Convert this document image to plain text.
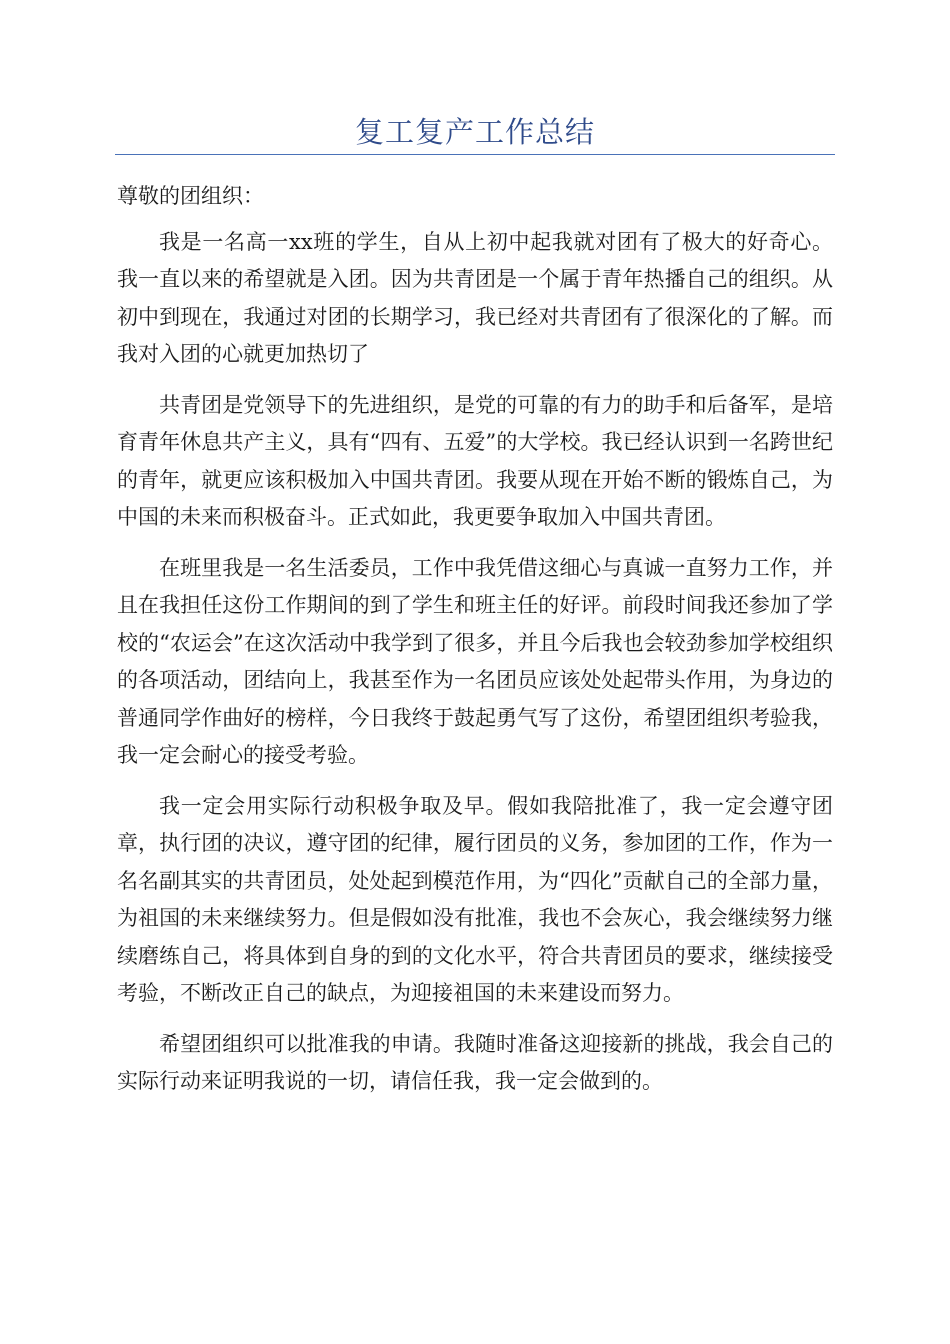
复工复产工作总结

尊敬的团组织：

我是一名高一xx班的学生，自从上初中起我就对团有了极大的好奇心。我一直以来的希望就是入团。因为共青团是一个属于青年热播自己的组织。从初中到现在，我通过对团的长期学习，我已经对共青团有了很深化的了解。而我对入团的心就更加热切了

共青团是党领导下的先进组织，是党的可靠的有力的助手和后备军，是培育青年休息共产主义，具有“四有、五爱”的大学校。我已经认识到一名跨世纪的青年，就更应该积极加入中国共青团。我要从现在开始不断的锻炼自己，为中国的未来而积极奋斗。正式如此，我更要争取加入中国共青团。

在班里我是一名生活委员，工作中我凭借这细心与真诚一直努力工作，并且在我担任这份工作期间的到了学生和班主任的好评。前段时间我还参加了学校的“农运会”在这次活动中我学到了很多，并且今后我也会较劲参加学校组织的各项活动，团结向上，我甚至作为一名团员应该处处起带头作用，为身边的普通同学作曲好的榜样，今日我终于鼓起勇气写了这份，希望团组织考验我，我一定会耐心的接受考验。

我一定会用实际行动积极争取及早。假如我陪批准了，我一定会遵守团章，执行团的决议，遵守团的纪律，履行团员的义务，参加团的工作，作为一名名副其实的共青团员，处处起到模范作用，为“四化”贡献自己的全部力量，为祖国的未来继续努力。但是假如没有批准，我也不会灰心，我会继续努力继续磨练自己，将具体到自身的到的文化水平，符合共青团员的要求，继续接受考验，不断改正自己的缺点，为迎接祖国的未来建设而努力。

希望团组织可以批准我的申请。我随时准备这迎接新的挑战，我会自己的实际行动来证明我说的一切，请信任我，我一定会做到的。
